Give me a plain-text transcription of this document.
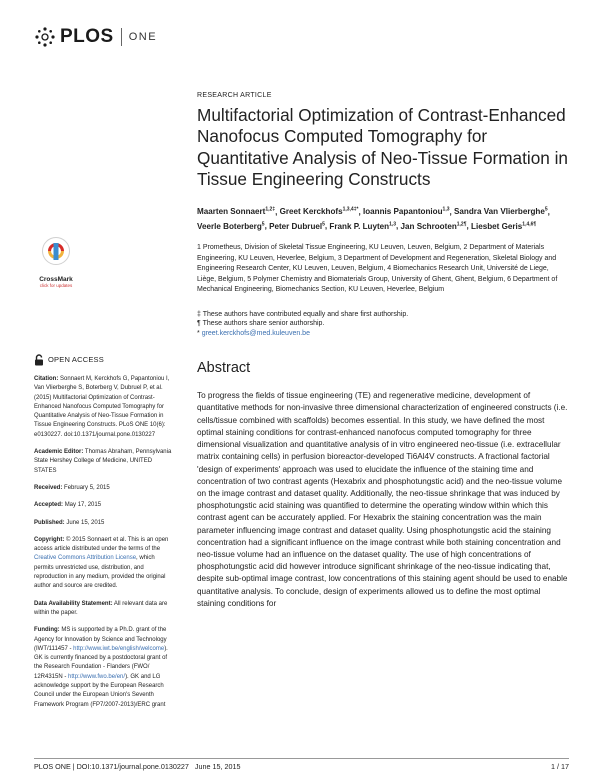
PLOS ONE
CrossMark
click for updates
OPEN ACCESS

Citation: Sonnaert M, Kerckhofs G, Papantoniou I, Van Vlierberghe S, Boterberg V, Dubruel P, et al. (2015) Multifactorial Optimization of Contrast-Enhanced Nanofocus Computed Tomography for Quantitative Analysis of Neo-Tissue Formation in Tissue Engineering Constructs. PLoS ONE 10(6): e0130227. doi:10.1371/journal.pone.0130227

Academic Editor: Thomas Abraham, Pennsylvania State Hershey College of Medicine, UNITED STATES

Received: February 5, 2015

Accepted: May 17, 2015

Published: June 15, 2015

Copyright: © 2015 Sonnaert et al. This is an open access article distributed under the terms of the Creative Commons Attribution License, which permits unrestricted use, distribution, and reproduction in any medium, provided the original author and source are credited.

Data Availability Statement: All relevant data are within the paper.

Funding: MS is supported by a Ph.D. grant of the Agency for Innovation by Science and Technology (IWT/111457 - http://www.iwt.be/english/welcome). GK is currently financed by a postdoctoral grant of the Research Foundation - Flanders (FWO/ 12R4315N - http://www.fwo.be/en/). GK and LG acknowledge support by the European Research Council under the European Union's Seventh Framework Program (FP7/2007-2013)/ERC grant

RESEARCH ARTICLE
Multifactorial Optimization of Contrast-Enhanced Nanofocus Computed Tomography for Quantitative Analysis of Neo-Tissue Formation in Tissue Engineering Constructs
Maarten Sonnaert$^{1,2\ddagger}$, Greet Kerckhofs$^{1,3,4\ddagger*}$, Ioannis Papantoniou$^{1,3}$, Sandra Van Vlierberghe$^5$, Veerle Boterberg$^5$, Peter Dubruel$^5$, Frank P. Luyten$^{1,3}$, Jan Schrooten$^{1,2\P}$, Liesbet Geris$^{1,4,6\P}$
1 Prometheus, Division of Skeletal Tissue Engineering, KU Leuven, Leuven, Belgium, 2 Department of Materials Engineering, KU Leuven, Heverlee, Belgium, 3 Department of Development and Regeneration, Skeletal Biology and Engineering Research Center, KU Leuven, Leuven, Belgium, 4 Biomechanics Research Unit, Université de Liege, Liège, Belgium, 5 Polymer Chemistry and Biomaterials Group, University of Ghent, Ghent, Belgium, 6 Department of Mechanical Engineering, Biomechanics Section, KU Leuven, Heverlee, Belgium
‡ These authors have contributed equally and share first authorship.
¶ These authors share senior authorship.
* greet.kerckhofs@med.kuleuven.be
Abstract
To progress the fields of tissue engineering (TE) and regenerative medicine, development of quantitative methods for non-invasive three dimensional characterization of engineered constructs (i.e. cells/tissue combined with scaffolds) becomes essential. In this study, we have defined the most optimal staining conditions for contrast-enhanced nanofocus computed tomography for three dimensional visualization and quantitative analysis of in vitro engineered neo-tissue (i.e. extracellular matrix containing cells) in perfusion bioreactor-developed Ti6Al4V constructs. A fractional factorial 'design of experiments' approach was used to elucidate the influence of the staining time and concentration of two contrast agents (Hexabrix and phosphotungstic acid) and the neo-tissue volume on the image contrast and dataset quality. Additionally, the neo-tissue shrinkage that was induced by phosphotungstic acid staining was quantified to determine the operating window within which this contrast agent can be accurately applied. For Hexabrix the staining concentration was the main parameter influencing image contrast and dataset quality. Using phosphotungstic acid the staining concentration had a significant influence on the image contrast while both staining concentration and neo-tissue volume had an influence on the dataset quality. The use of high concentrations of phosphotungstic acid did however introduce significant shrinkage of the neo-tissue indicating that, despite sub-optimal image contrast, low concentrations of this staining agent should be used to enable quantitative analysis. To conclude, design of experiments allowed us to define the most optimal staining conditions for
PLOS ONE | DOI:10.1371/journal.pone.0130227   June 15, 2015	1 / 17
